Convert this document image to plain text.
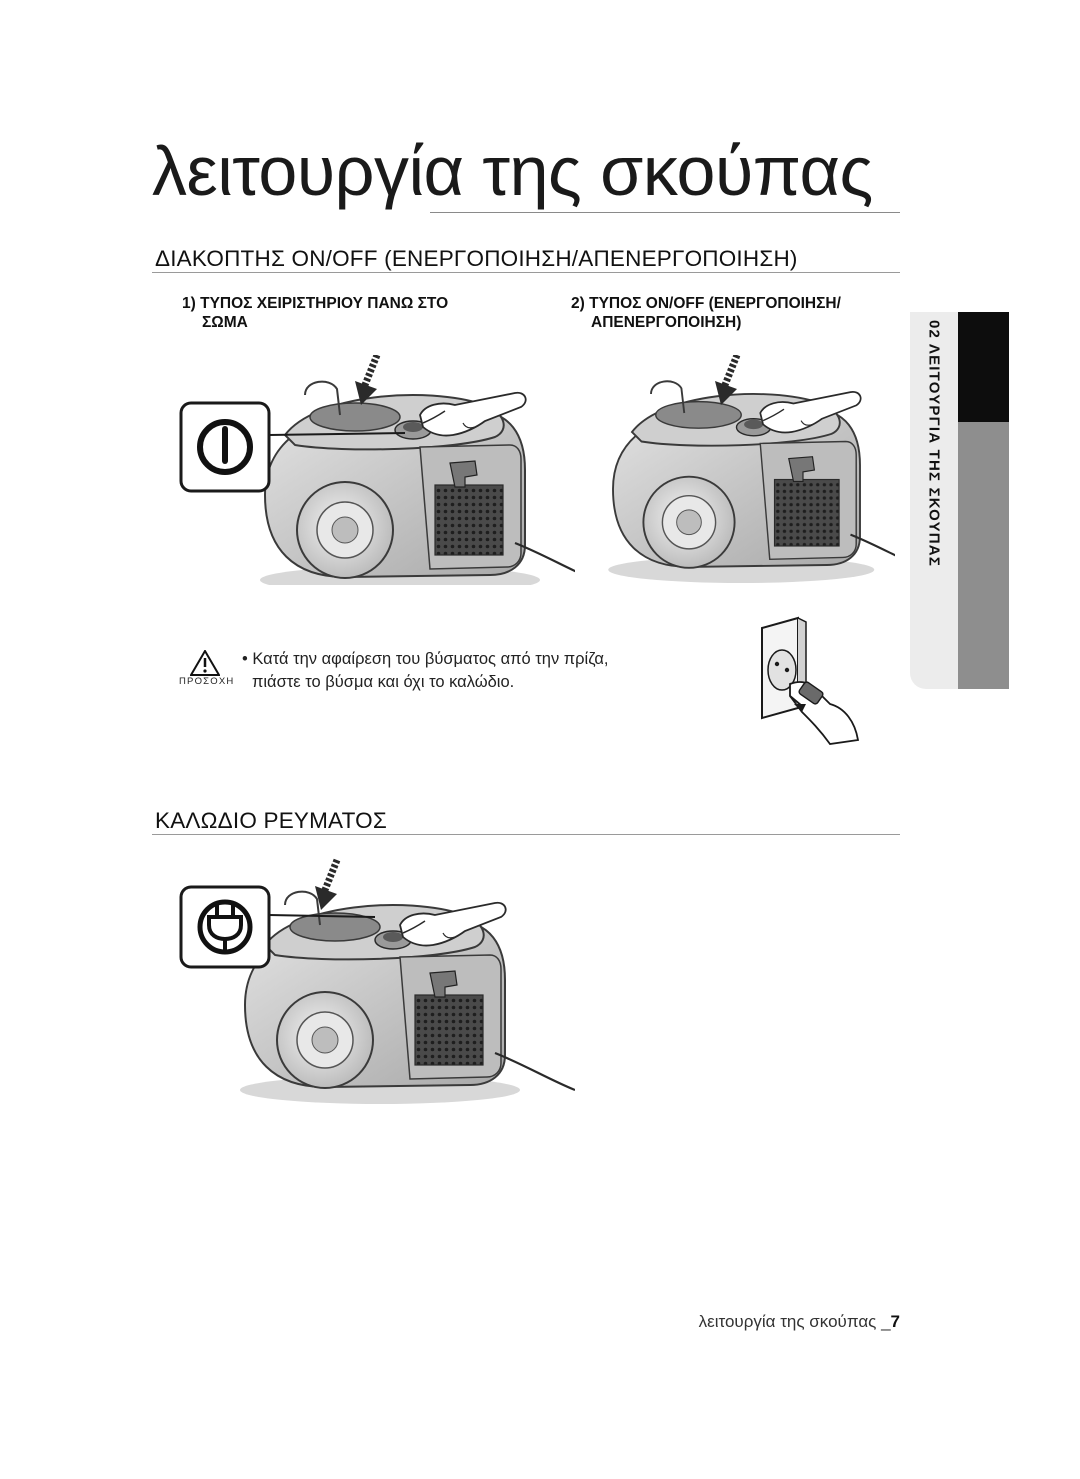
λειτουργία της σκούπας
ΔΙΑΚΟΠΤΗΣ ON/OFF (ΕΝΕΡΓΟΠΟΙΗΣΗ/ΑΠΕΝΕΡΓΟΠΟΙΗΣΗ)
1) ΤΥΠΟΣ ΧΕΙΡΙΣΤΗΡΙΟΥ ΠΑΝΩ ΣΤΟ
ΣΩΜΑ
2) ΤΥΠΟΣ ON/OFF (ΕΝΕΡΓΟΠΟΙΗΣΗ/
ΑΠΕΝΕΡΓΟΠΟΙΗΣΗ)
ΠΡΟΣΟΧΗ
• Κατά την αφαίρεση του βύσματος από την πρίζα,
πιάστε το βύσμα και όχι το καλώδιο.
ΚΑΛΩΔΙΟ ΡΕΥΜΑΤΟΣ
02 ΛΕΙΤΟΥΡΓΙΑ ΤΗΣ ΣΚΟΥΠΑΣ
λειτουργία της σκούπας _7
